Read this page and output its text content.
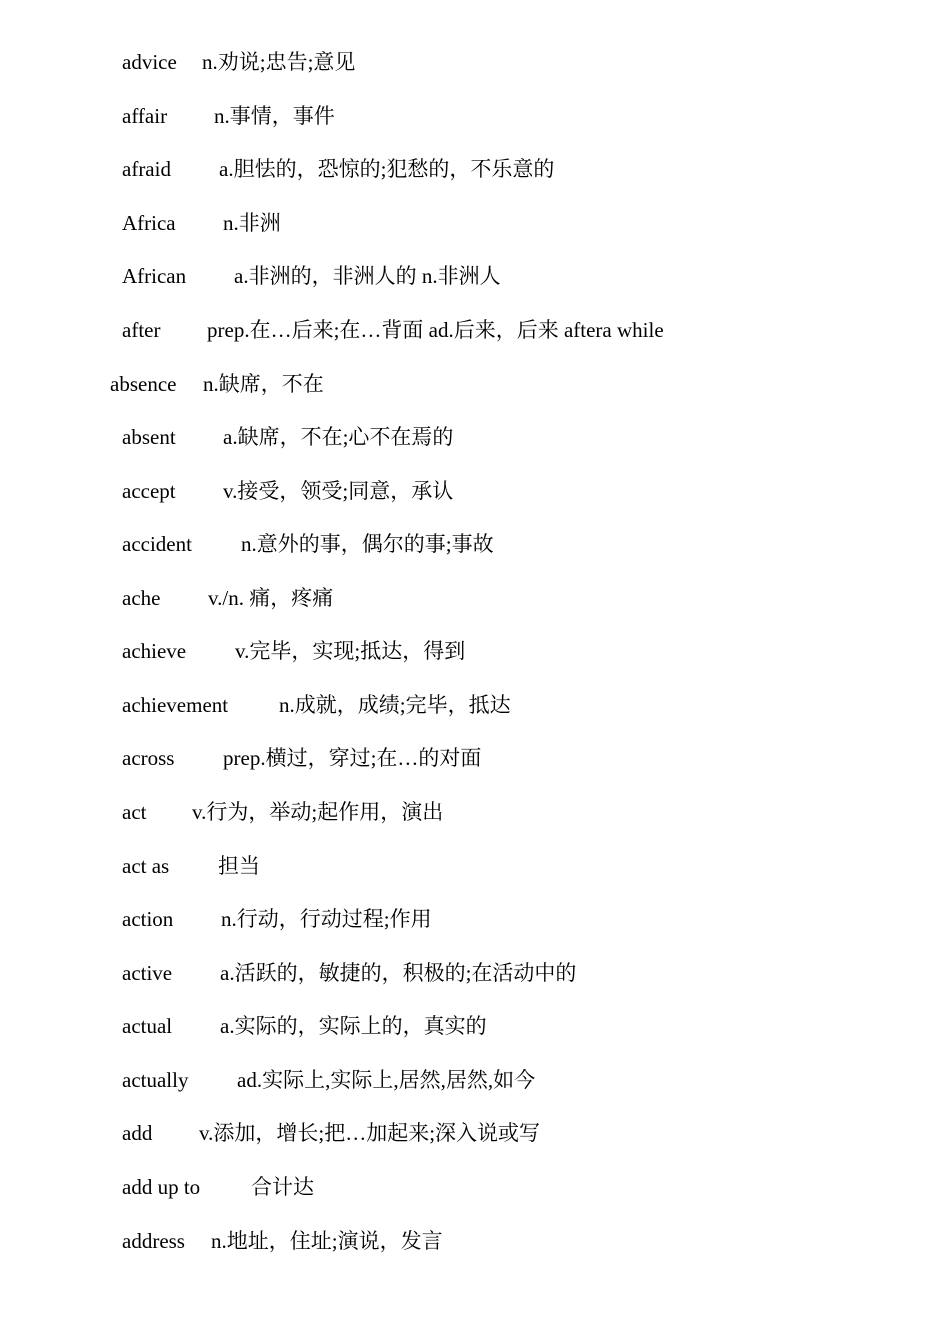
advice n.劝说;忠告;意见
affair n.事情，事件
afraid a.胆怯的，恐惊的;犯愁的，不乐意的
Africa n.非洲
African a.非洲的，非洲人的 n.非洲人
after prep.在…后来;在…背面 ad.后来，后来 aftera while
absence n.缺席，不在
absent a.缺席，不在;心不在焉的
accept v.接受，领受;同意，承认
accident n.意外的事，偶尔的事;事故
ache v./n. 痛，疼痛
achieve v.完毕，实现;抵达，得到
achievement n.成就，成绩;完毕，抵达
across prep.横过，穿过;在…的对面
act v.行为，举动;起作用，演出
act as 担当
action n.行动，行动过程;作用
active a.活跃的，敏捷的，积极的;在活动中的
actual a.实际的，实际上的，真实的
actually ad.实际上,实际上,居然,居然,如今
add v.添加，增长;把…加起来;深入说或写
add up to 合计达
address n.地址，住址;演说，发言
